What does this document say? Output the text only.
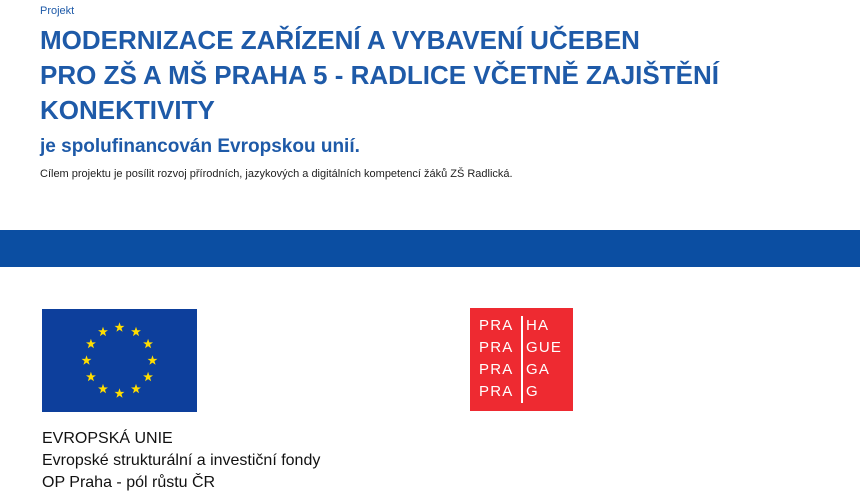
Projekt
MODERNIZACE ZAŘÍZENÍ A VYBAVENÍ UČEBEN
PRO ZŠ A MŠ PRAHA 5 - RADLICE VČETNĚ ZAJIŠTĚNÍ
KONEKTIVITY
je spolufinancován Evropskou unií.
Cílem projektu je posílit rozvoj přírodních, jazykových a digitálních kompetencí žáků ZŠ Radlická.
EVROPSKÁ UNIE
Evropské strukturální a investiční fondy
OP Praha - pól růstu ČR
PRA HA
PRA GUE
PRA GA
PRA G
